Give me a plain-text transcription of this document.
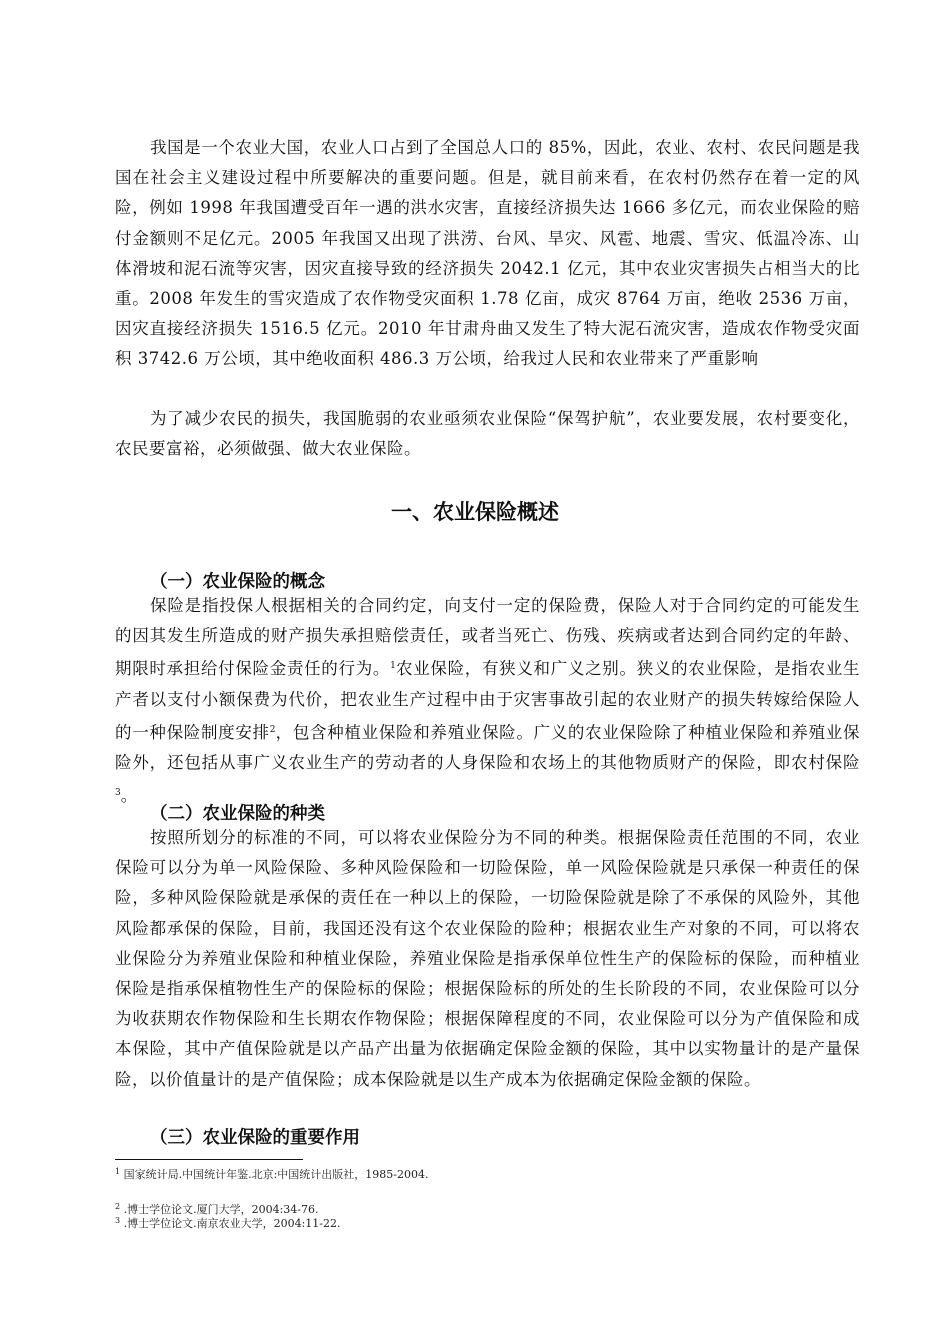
我国是一个农业大国，农业人口占到了全国总人口的 85%，因此，农业、农村、农民问题是我国在社会主义建设过程中所要解决的重要问题。但是，就目前来看，在农村仍然存在着一定的风险，例如 1998 年我国遭受百年一遇的洪水灾害，直接经济损失达 1666 多亿元，而农业保险的赔付金额则不足亿元。2005 年我国又出现了洪涝、台风、旱灾、风雹、地震、雪灾、低温冷冻、山体滑坡和泥石流等灾害，因灾直接导致的经济损失 2042.1 亿元，其中农业灾害损失占相当大的比重。2008 年发生的雪灾造成了农作物受灾面积 1.78 亿亩，成灾 8764 万亩，绝收 2536 万亩，因灾直接经济损失 1516.5 亿元。2010 年甘肃舟曲又发生了特大泥石流灾害，造成农作物受灾面积 3742.6 万公顷，其中绝收面积 486.3 万公顷，给我过人民和农业带来了严重影响

为了减少农民的损失，我国脆弱的农业亟须农业保险“保驾护航”，农业要发展，农村要变化，农民要富裕，必须做强、做大农业保险。

一、农业保险概述
（一）农业保险的概念

保险是指投保人根据相关的合同约定，向支付一定的保险费，保险人对于合同约定的可能发生的因其发生所造成的财产损失承担赔偿责任，或者当死亡、伤残、疾病或者达到合同约定的年龄、期限时承担给付保险金责任的行为。$^1$农业保险，有狭义和广义之别。狭义的农业保险，是指农业生产者以支付小额保费为代价，把农业生产过程中由于灾害事故引起的农业财产的损失转嫁给保险人的一种保险制度安排$^2$，包含种植业保险和养殖业保险。广义的农业保险除了种植业保险和养殖业保险外，还包括从事广义农业生产的劳动者的人身保险和农场上的其他物质财产的保险，即农村保险$^3$。

（二）农业保险的种类

按照所划分的标准的不同，可以将农业保险分为不同的种类。根据保险责任范围的不同，农业保险可以分为单一风险保险、多种风险保险和一切险保险，单一风险保险就是只承保一种责任的保险，多种风险保险就是承保的责任在一种以上的保险，一切险保险就是除了不承保的风险外，其他风险都承保的保险，目前，我国还没有这个农业保险的险种；根据农业生产对象的不同，可以将农业保险分为养殖业保险和种植业保险，养殖业保险是指承保单位性生产的保险标的保险，而种植业保险是指承保植物性生产的保险标的保险；根据保险标的所处的生长阶段的不同，农业保险可以分为收获期农作物保险和生长期农作物保险；根据保障程度的不同，农业保险可以分为产值保险和成本保险，其中产值保险就是以产品产出量为依据确定保险金额的保险，其中以实物量计的是产量保险，以价值量计的是产值保险；成本保险就是以生产成本为依据确定保险金额的保险。

（三）农业保险的重要作用

$^1$ 国家统计局.中国统计年鉴.北京:中国统计出版社，1985-2004.

$^2$ .博士学位论文.厦门大学，2004:34-76.

$^3$ .博士学位论文.南京农业大学，2004:11-22.
